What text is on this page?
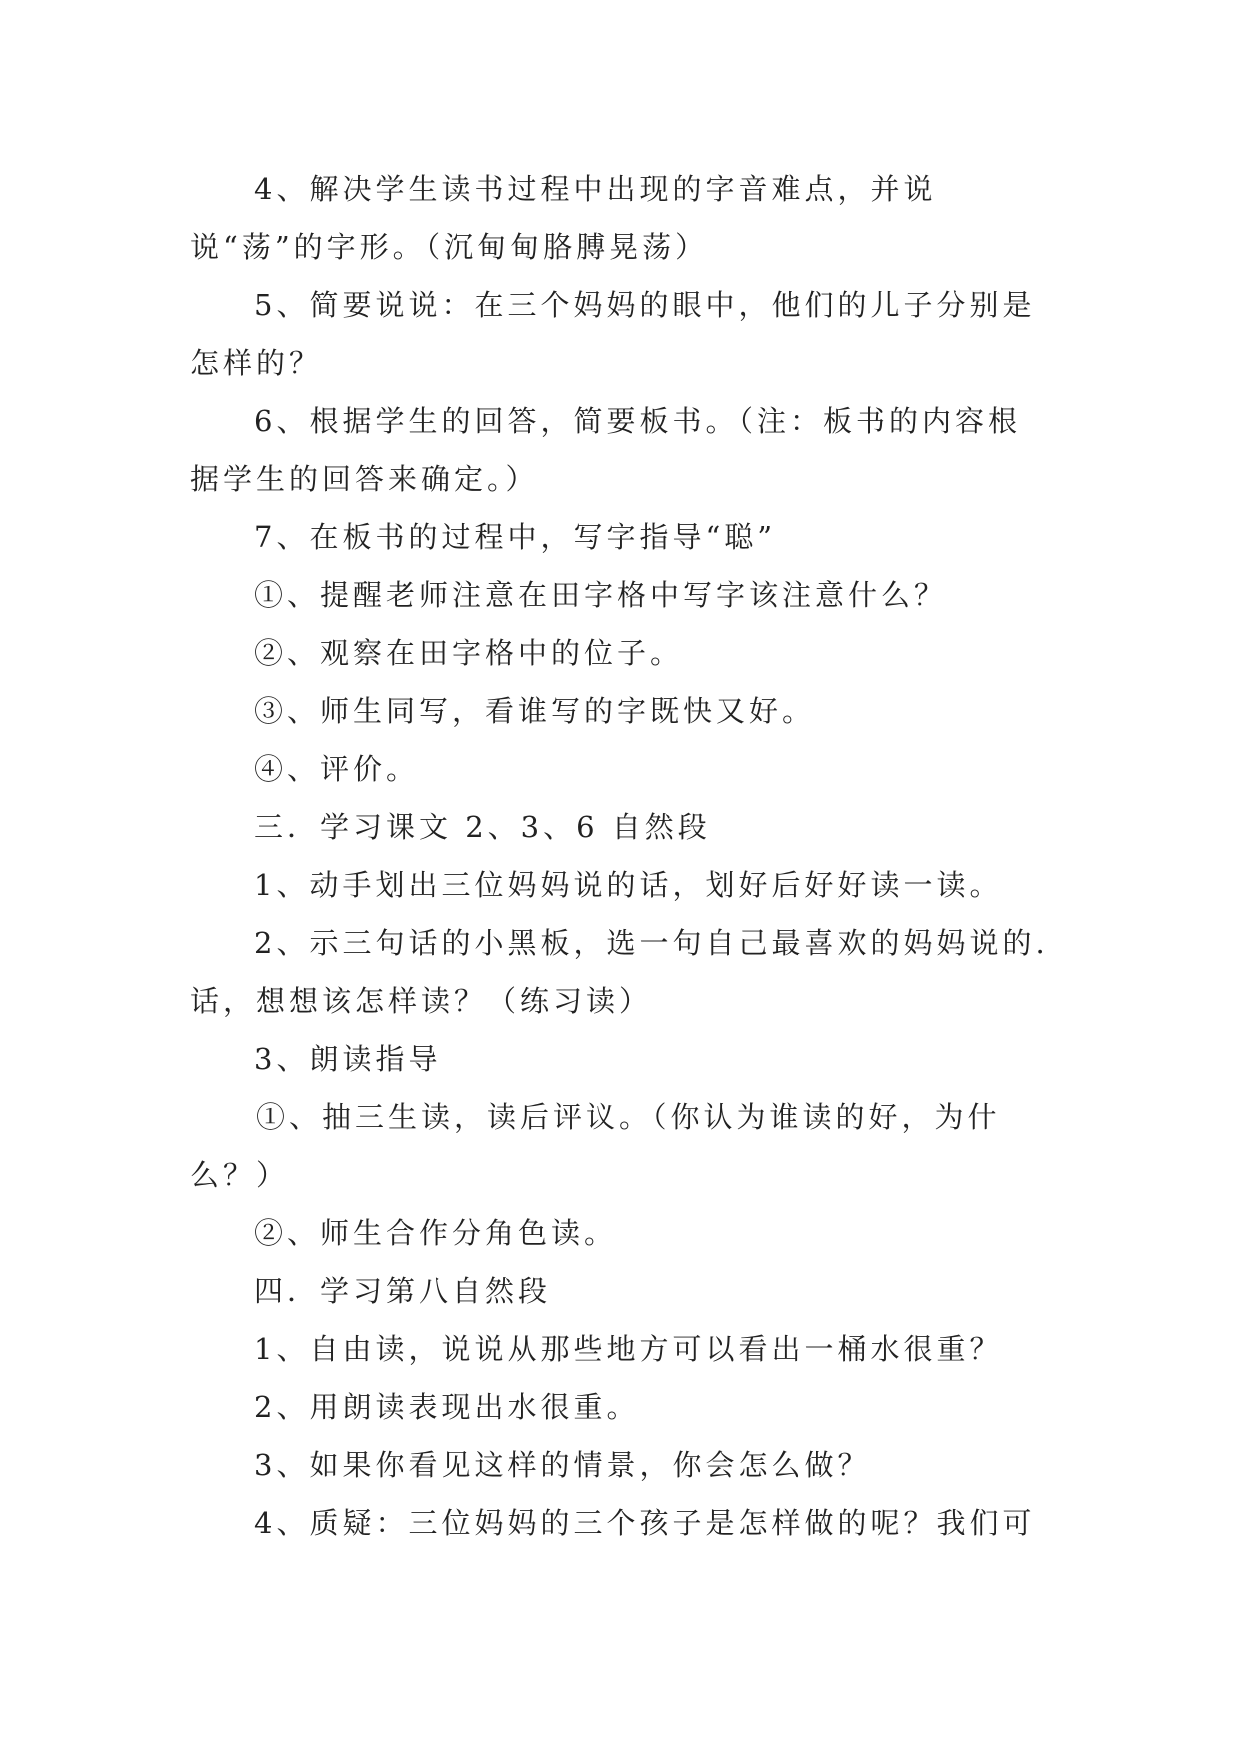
4、解决学生读书过程中出现的字音难点，并说说“荡”的字形。（沉甸甸胳膊晃荡）

5、简要说说：在三个妈妈的眼中，他们的儿子分别是怎样的？

6、根据学生的回答，简要板书。（注：板书的内容根据学生的回答来确定。）

7、在板书的过程中，写字指导“聪”

①、提醒老师注意在田字格中写字该注意什么？

②、观察在田字格中的位子。

③、师生同写，看谁写的字既快又好。

④、评价。

三．学习课文 2、3、6 自然段

1、动手划出三位妈妈说的话，划好后好好读一读。

2、示三句话的小黑板，选一句自己最喜欢的妈妈说的.话，想想该怎样读？（练习读）

3、朗读指导

①、抽三生读，读后评议。（你认为谁读的好，为什么？）

②、师生合作分角色读。

四．学习第八自然段

1、自由读，说说从那些地方可以看出一桶水很重？

2、用朗读表现出水很重。

3、如果你看见这样的情景，你会怎么做？

4、质疑：三位妈妈的三个孩子是怎样做的呢？我们可
